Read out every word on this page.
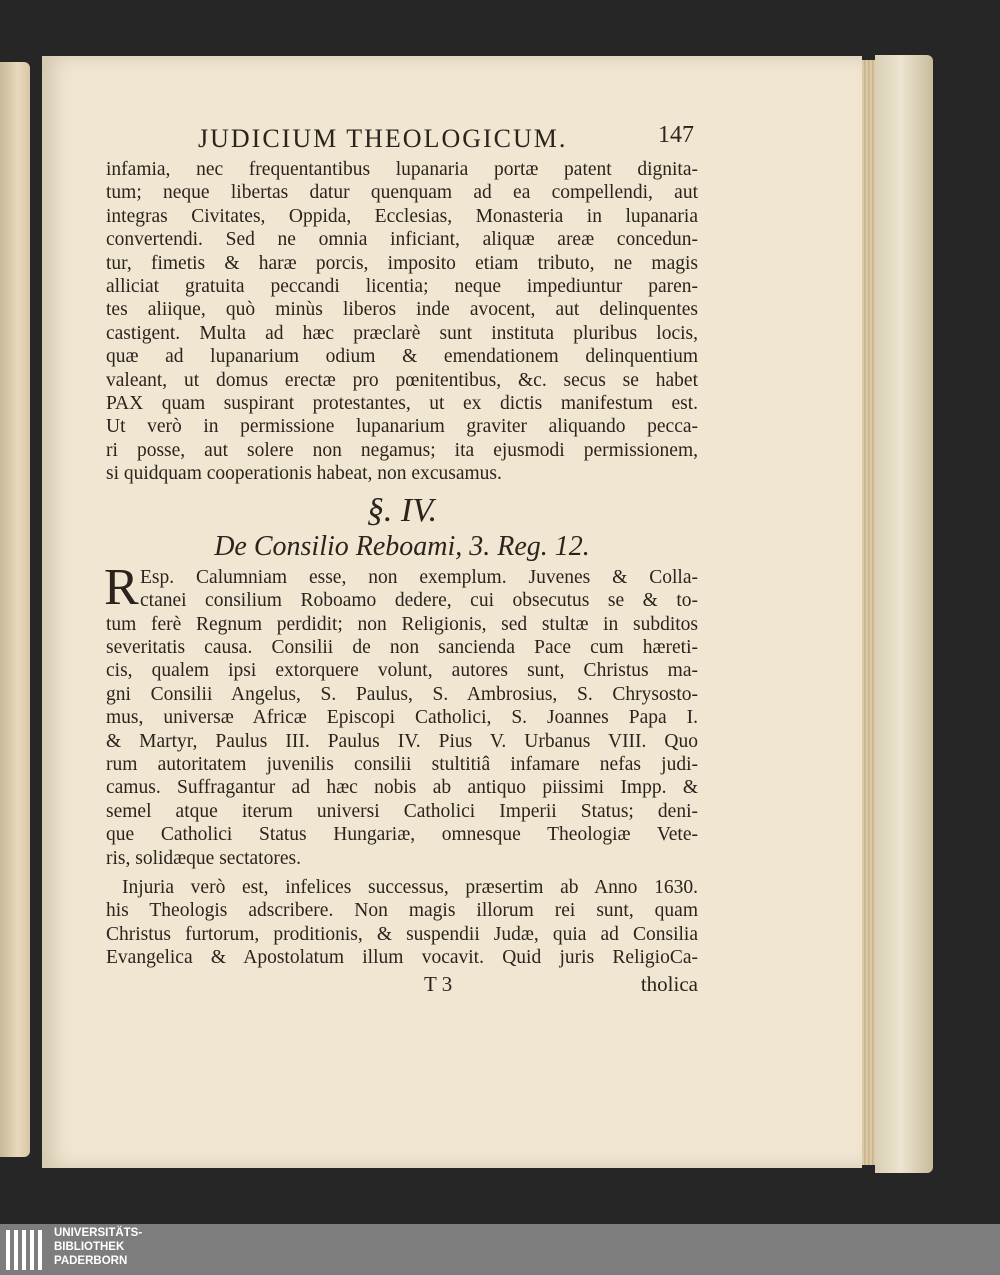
JUDICIUM THEOLOGICUM.	147
infamia, nec frequentantibus lupanaria portæ patent dignita-
tum; neque libertas datur quenquam ad ea compellendi, aut
integras Civitates, Oppida, Ecclesias, Monasteria in lupanaria
convertendi. Sed ne omnia inficiant, aliquæ areæ concedun-
tur, fimetis & haræ porcis, imposito etiam tributo, ne magis
alliciat gratuita peccandi licentia; neque impediuntur paren-
tes aliique, quò minùs liberos inde avocent, aut delinquentes
castigent. Multa ad hæc præclarè sunt instituta pluribus locis,
quæ ad lupanarium odium & emendationem delinquentium
valeant, ut domus erectæ pro pœnitentibus, &c. secus se habet
PAX quam suspirant protestantes, ut ex dictis manifestum est.
Ut verò in permissione lupanarium graviter aliquando pecca-
ri posse, aut solere non negamus; ita ejusmodi permissionem,
si quidquam cooperationis habeat, non excusamus.
§. IV.
De Consilio Reboami, 3. Reg. 12.
R Esp. Calumniam esse, non exemplum. Juvenes & Colla-
ctanei consilium Roboamo dedere, cui obsecutus se & to-
tum ferè Regnum perdidit; non Religionis, sed stultæ in subditos
severitatis causa. Consilii de non sancienda Pace cum hæreti-
cis, qualem ipsi extorquere volunt, autores sunt, Christus ma-
gni Consilii Angelus, S. Paulus, S. Ambrosius, S. Chrysosto-
mus, universæ Africæ Episcopi Catholici, S. Joannes Papa I.
& Martyr, Paulus III. Paulus IV. Pius V. Urbanus VIII. Quo
rum autoritatem juvenilis consilii stultitiâ infamare nefas judi-
camus. Suffragantur ad hæc nobis ab antiquo piissimi Impp. &
semel atque iterum universi Catholici Imperii Status; deni-
que Catholici Status Hungariæ, omnesque Theologiæ Vete-
ris, solidæque sectatores.
Injuria verò est, infelices successus, præsertim ab Anno 1630.
his Theologis adscribere. Non magis illorum rei sunt, quam
Christus furtorum, proditionis, & suspendii Judæ, quia ad Consilia
Evangelica & Apostolatum illum vocavit. Quid juris ReligioCa-
T 3	tholica
UNIVERSITÄTS-
BIBLIOTHEK
PADERBORN
